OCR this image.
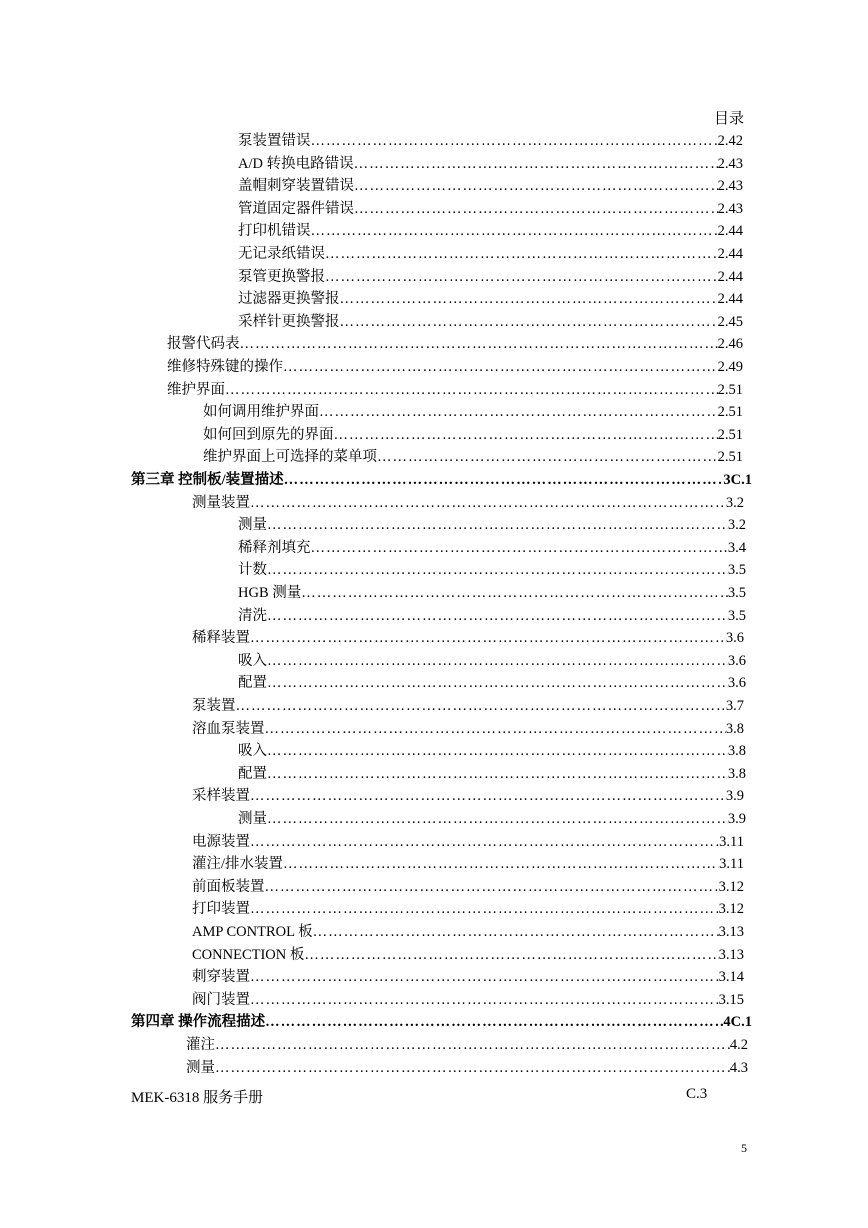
目录
泵装置错误 ………………………………………………………………………………………………………………………………………………	2.42
A/D 转换电路错误 ………………………………………………………………………………………………………………………………………………	2.43
盖帽刺穿装置错误 ………………………………………………………………………………………………………………………………………………	2.43
管道固定器件错误 ………………………………………………………………………………………………………………………………………………	2.43
打印机错误 ………………………………………………………………………………………………………………………………………………	2.44
无记录纸错误 ………………………………………………………………………………………………………………………………………………	2.44
泵管更换警报 ………………………………………………………………………………………………………………………………………………	2.44
过滤器更换警报 ………………………………………………………………………………………………………………………………………………	2.44
采样针更换警报 ………………………………………………………………………………………………………………………………………………	2.45
报警代码表 ………………………………………………………………………………………………………………………………………………	2.46
维修特殊键的操作 ………………………………………………………………………………………………………………………………………………	2.49
维护界面 ………………………………………………………………………………………………………………………………………………	2.51
如何调用维护界面 ………………………………………………………………………………………………………………………………………………	2.51
如何回到原先的界面 ………………………………………………………………………………………………………………………………………………	2.51
维护界面上可选择的菜单项 ………………………………………………………………………………………………………………………………………………	2.51
第三章 控制板/装置描述 ………………………………………………………………………………………………………………………………………………	3C.1
测量装置 ………………………………………………………………………………………………………………………………………………	3.2
测量 ………………………………………………………………………………………………………………………………………………	3.2
稀释剂填充 ………………………………………………………………………………………………………………………………………………	3.4
计数 ………………………………………………………………………………………………………………………………………………	3.5
HGB 测量 ………………………………………………………………………………………………………………………………………………	3.5
清洗 ………………………………………………………………………………………………………………………………………………	3.5
稀释装置 ………………………………………………………………………………………………………………………………………………	3.6
吸入 ………………………………………………………………………………………………………………………………………………	3.6
配置 ………………………………………………………………………………………………………………………………………………	3.6
泵装置 ………………………………………………………………………………………………………………………………………………	3.7
溶血泵装置 ………………………………………………………………………………………………………………………………………………	3.8
吸入 ………………………………………………………………………………………………………………………………………………	3.8
配置 ………………………………………………………………………………………………………………………………………………	3.8
采样装置 ………………………………………………………………………………………………………………………………………………	3.9
测量 ………………………………………………………………………………………………………………………………………………	3.9
电源装置 ………………………………………………………………………………………………………………………………………………	3.11
灌注/排水装置 ………………………………………………………………………………………………………………………………………………	3.11
前面板装置 ………………………………………………………………………………………………………………………………………………	3.12
打印装置 ………………………………………………………………………………………………………………………………………………	3.12
AMP CONTROL 板 ………………………………………………………………………………………………………………………………………………	3.13
CONNECTION 板 ………………………………………………………………………………………………………………………………………………	3.13
刺穿装置 ………………………………………………………………………………………………………………………………………………	3.14
阀门装置 ………………………………………………………………………………………………………………………………………………	3.15
第四章 操作流程描述 ………………………………………………………………………………………………………………………………………………	4C.1
灌注 ………………………………………………………………………………………………………………………………………………	4.2
测量 ………………………………………………………………………………………………………………………………………………	4.3
MEK-6318 服务手册	C.3
5
